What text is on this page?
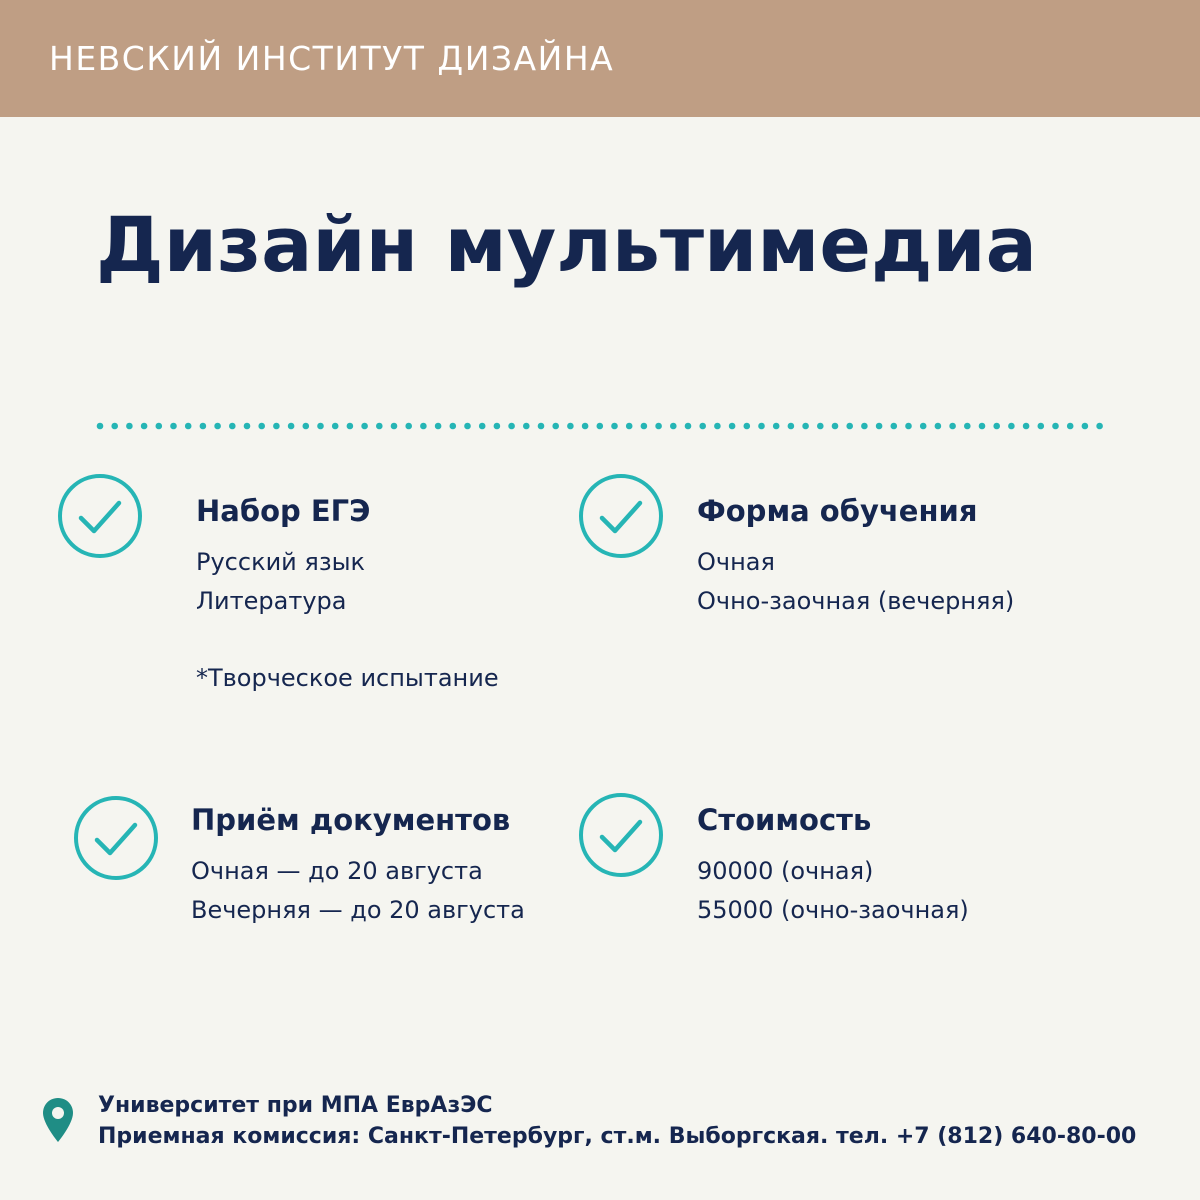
НЕВСКИЙ ИНСТИТУТ ДИЗАЙНА
Дизайн мультимедиа
Набор ЕГЭ
Русский язык
Литература
*Творческое испытание
Форма обучения
Очная
Очно-заочная (вечерняя)
Приём документов
Очная — до 20 августа
Вечерняя — до 20 августа
Стоимость
90000 (очная)
55000 (очно-заочная)
Университет при МПА ЕврАзЭС
Приемная комиссия: Санкт-Петербург, ст.м. Выборгская. тел. +7 (812) 640-80-00
